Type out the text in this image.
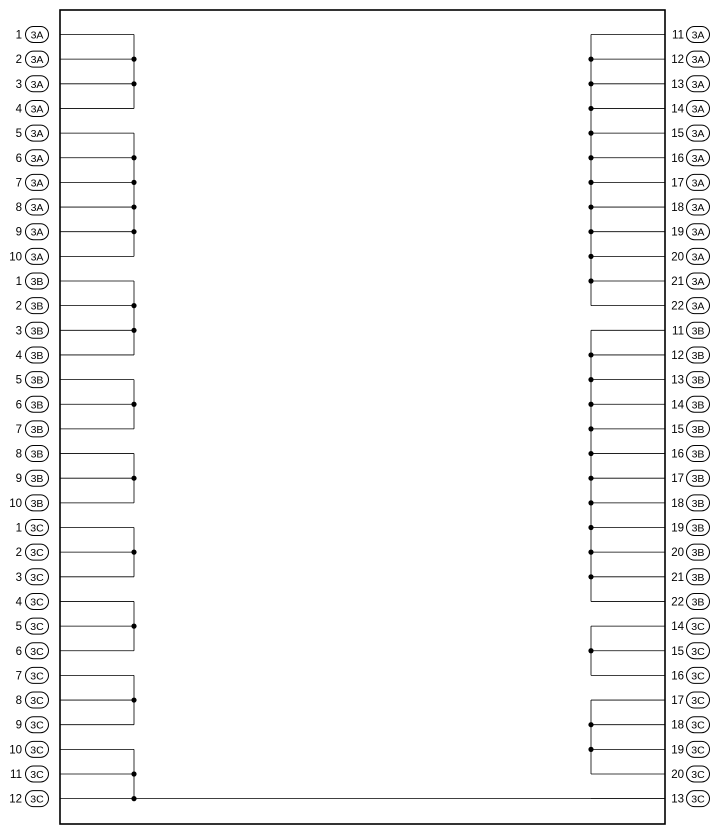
1 3A
2 3A
3 3A
4 3A
5 3A
6 3A
7 3A
8 3A
9 3A
10 3A
1 3B
2 3B
3 3B
4 3B
5 3B
6 3B
7 3B
8 3B
9 3B
10 3B
1 3C
2 3C
3 3C
4 3C
5 3C
6 3C
7 3C
8 3C
9 3C
10 3C
11 3C
12 3C
11 3A
12 3A
13 3A
14 3A
15 3A
16 3A
17 3A
18 3A
19 3A
20 3A
21 3A
22 3A
11 3B
12 3B
13 3B
14 3B
15 3B
16 3B
17 3B
18 3B
19 3B
20 3B
21 3B
22 3B
14 3C
15 3C
16 3C
17 3C
18 3C
19 3C
20 3C
13 3C
